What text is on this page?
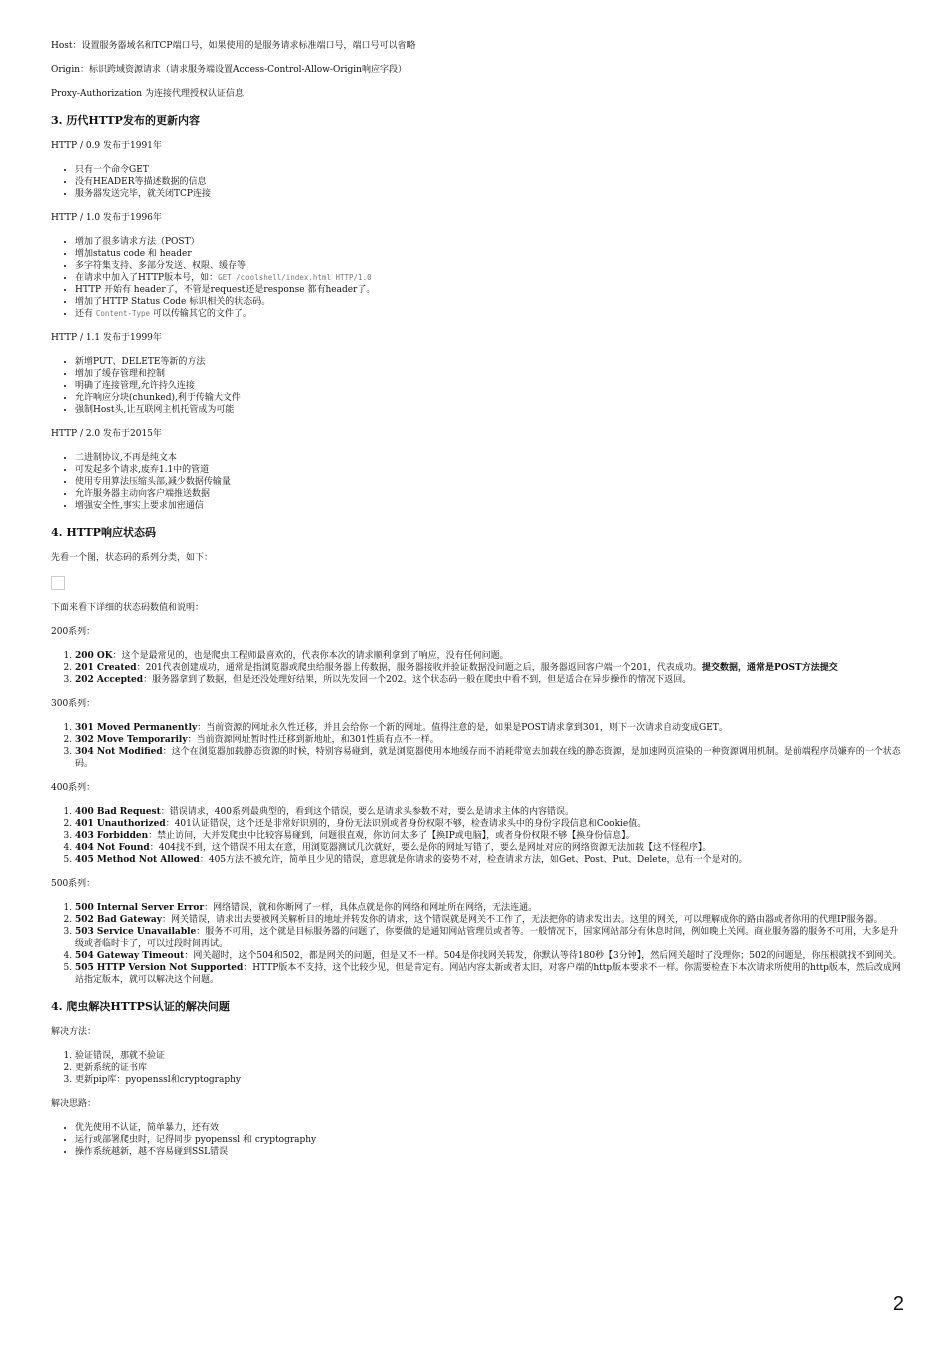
Host：设置服务器域名和TCP端口号，如果使用的是服务请求标准端口号，端口号可以省略

Origin：标识跨域资源请求（请求服务端设置Access-Control-Allow-Origin响应字段）

Proxy-Authorization 为连接代理授权认证信息

3. 历代HTTP发布的更新内容

HTTP / 0.9 发布于1991年

• 只有一个命令GET
• 没有HEADER等描述数据的信息
• 服务器发送完毕，就关闭TCP连接

HTTP / 1.0 发布于1996年

• 增加了很多请求方法（POST）
• 增加status code 和 header
• 多字符集支持、多部分发送、权限、缓存等
• 在请求中加入了HTTP版本号，如：GET /coolshell/index.html HTTP/1.0
• HTTP 开始有 header了，不管是request还是response 都有header了。
• 增加了HTTP Status Code 标识相关的状态码。
• 还有 Content-Type 可以传输其它的文件了。

HTTP / 1.1 发布于1999年

• 新增PUT、DELETE等新的方法
• 增加了缓存管理和控制
• 明确了连接管理,允许持久连接
• 允许响应分块(chunked),利于传输大文件
• 强制Host头,让互联网主机托管成为可能

HTTP / 2.0 发布于2015年

• 二进制协议,不再是纯文本
• 可发起多个请求,废弃1.1中的管道
• 使用专用算法压缩头部,减少数据传输量
• 允许服务器主动向客户端推送数据
• 增强安全性,事实上要求加密通信
4. HTTP响应状态码

先看一个图，状态码的系列分类，如下：

下面来看下详细的状态码数值和说明：

200系列：

1. 200 OK：这个是最常见的，也是爬虫工程师最喜欢的，代表你本次的请求顺利拿到了响应，没有任何问题。
2. 201 Created：201代表创建成功，通常是指浏览器或爬虫给服务器上传数据，服务器接收并验证数据没问题之后，服务器返回客户端一个201，代表成功。提交数据，通常是POST方法提交
3. 202 Accepted：服务器拿到了数据，但是还没处理好结果，所以先发回一个202。这个状态码一般在爬虫中看不到，但是适合在异步操作的情况下返回。

300系列：

1. 301 Moved Permanently：当前资源的网址永久性迁移，并且会给你一个新的网址。值得注意的是，如果是POST请求拿到301，则下一次请求自动变成GET。
2. 302 Move Temporarily：当前资源网址暂时性迁移到新地址，和301性质有点不一样。
3. 304 Not Modified：这个在浏览器加载静态资源的时候，特别容易碰到，就是浏览器使用本地缓存而不消耗带宽去加载在线的静态资源，是加速网页渲染的一种资源调用机制。是前端程序员嫌弃的一个状态码。

400系列：

1. 400 Bad Request：错误请求，400系列最典型的，看到这个错误，要么是请求头参数不对，要么是请求主体的内容错误。
2. 401 Unauthorized：401认证错误，这个还是非常好识别的，身份无法识别或者身份权限不够，检查请求头中的身份字段信息和Cookie值。
3. 403 Forbidden：禁止访问，大并发爬虫中比较容易碰到，问题很直观，你访问太多了【换IP或电脑】，或者身份权限不够【换身份信息】。
4. 404 Not Found：404找不到，这个错误不用太在意，用浏览器测试几次就好，要么是你的网址写错了，要么是网址对应的网络资源无法加载【这不怪程序】。
5. 405 Method Not Allowed：405方法不被允许，简单且少见的错误，意思就是你请求的姿势不对，检查请求方法，如Get、Post、Put、Delete，总有一个是对的。

500系列：

1. 500 Internal Server Error：网络错误，就和你断网了一样，具体点就是你的网络和网址所在网络，无法连通。
2. 502 Bad Gateway：网关错误，请求出去要被网关解析目的地址并转发你的请求，这个错误就是网关不工作了，无法把你的请求发出去。这里的网关，可以理解成你的路由器或者你用的代理IP服务器。
3. 503 Service Unavailable：服务不可用，这个就是目标服务器的问题了，你要做的是通知网站管理员或者等。一般情况下，国家网站部分有休息时间，例如晚上关网。商业服务器的服务不可用，大多是升级或者临时卡了，可以过段时间再试。
4. 504 Gateway Timeout：网关超时，这个504和502，都是网关的问题，但是又不一样。504是你找网关转发，你默认等待180秒【3分钟】，然后网关超时了没理你；502的问题是，你压根就找不到网关。
5. 505 HTTP Version Not Supported：HTTP版本不支持，这个比较少见，但是肯定有。网站内容太新或者太旧，对客户端的http版本要求不一样。你需要检查下本次请求所使用的http版本，然后改成网站指定版本，就可以解决这个问题。
4. 爬虫解决HTTPS认证的解决问题

解决方法：

1. 验证错误，那就不验证
2. 更新系统的证书库
3. 更新pip库：pyopenssl和cryptography

解决思路：

• 优先使用不认证，简单暴力，还有效
• 运行或部署爬虫时，记得同步 pyopenssl 和 cryptography
• 操作系统越新，越不容易碰到SSL错误
2
